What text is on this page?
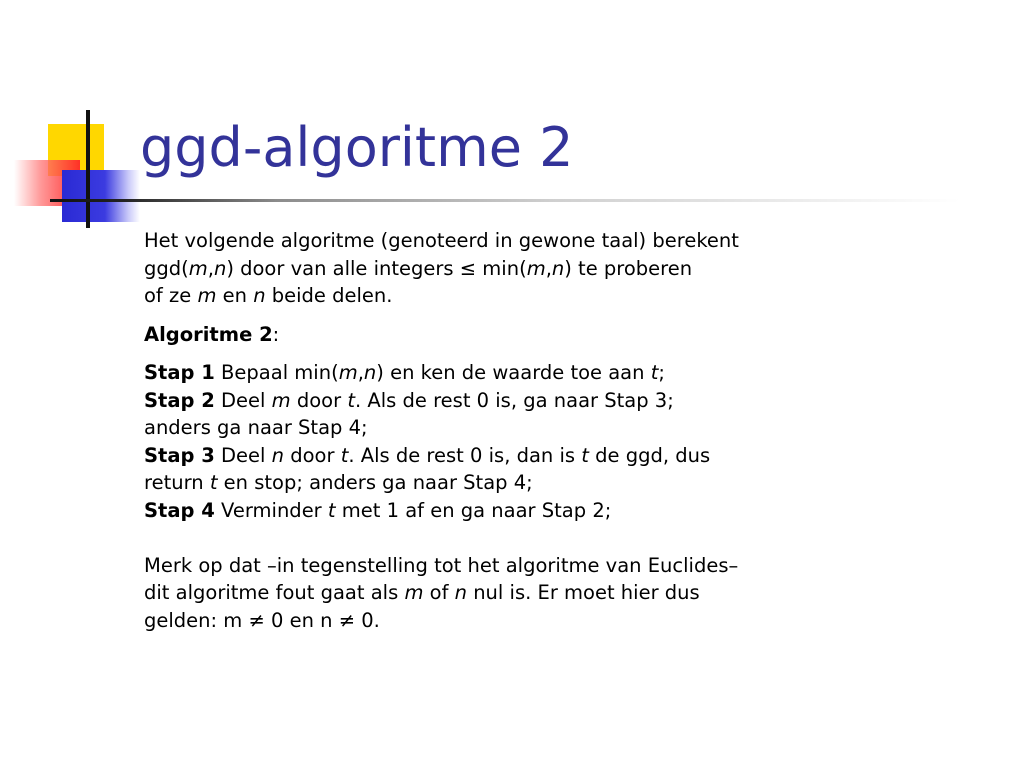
ggd-algoritme 2

Het volgende algoritme (genoteerd in gewone taal) berekent

ggd(m,n) door van alle integers ≤ min(m,n) te proberen

of ze m en n beide delen.

Algoritme 2:

Stap 1 Bepaal min(m,n) en ken de waarde toe aan t;

Stap 2 Deel m door t. Als de rest 0 is, ga naar Stap 3;

anders ga naar Stap 4;

Stap 3 Deel n door t. Als de rest 0 is, dan is t de ggd, dus

return t en stop; anders ga naar Stap 4;

Stap 4 Verminder t met 1 af en ga naar Stap 2;

Merk op dat –in tegenstelling tot het algoritme van Euclides–

dit algoritme fout gaat als m of n nul is. Er moet hier dus

gelden: m ≠ 0 en n ≠ 0.
